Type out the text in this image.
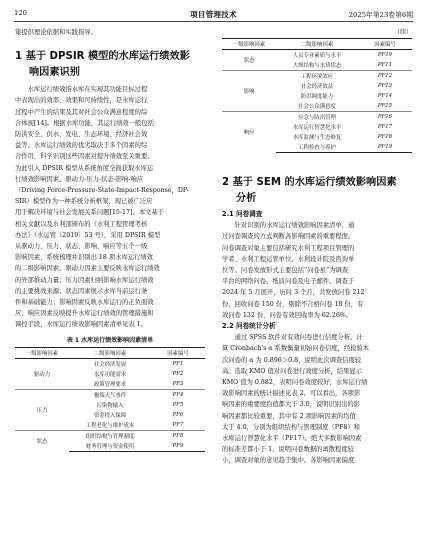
120	项目管理技术	2025年第23卷第6期

策提供理论依据和实践指导。

1 基于 DPSIR 模型的水库运行绩效影

响因素识别

水库运行绩效指水库在实现其功能目标过程

中表现出的效率、效果和可持续性，是水库运行

过程中产生的结果及其对社会公众满意程度的综

合体现[14]。根据水库功能，其运行绩效一般包括

防洪安全、供水、发电、生态环境、经济社会效

益等。水库运行绩效的优劣取决于多个因素的综

合作用，科学识别这些因素对提升绩效至关重要。

为此引入 DPSIR 模型从系统角度全面获取水库运

行绩效影响因素。驱动力-压力-状态-影响-响应

（Driving Force-Pressure-State-Impact-Response，DP-

SIR）模型作为一种系统分析框架，现已被广泛应

用于解决环境与社会发展关系问题[15-17]。本文基于

相关文献以及水利部颁布的《水利工程管理考核

办法》（水运管〔2019〕53 号），采用 DPSIR 模型

从驱动力、压力、状态、影响、响应等五个一级

影响因素，系统梳理并识别出 18 项水库运行绩效

的二级影响因素。驱动力因素主要反映水库运行绩效

的外部推动力量；压力因素归纳影响水库运行绩效

的主要挑战来源；状态因素展示水库当前运行条

件和基础能力；影响因素反映水库运行的正负面效

应；响应因素反映提升水库运行绩效的管理措施和

调控手段，水库运行绩效影响因素清单见表 1。

表 1 水库运行绩效影响因素清单
一级影响因素	二级影响因素	因素编号
驱动力	社会经济发展	PF1
	水库功能需求	PF2
	政策管理要求	PF3
压力	极端天气事件	PF4
	污染物输入	PF5
	资金投入保障	PF6
	工程老化与维护成本	PF7
状态	组织结构与管理制度	PF8
	财务管理与资金使用	PF9
（续）
一级影响因素	二级影响因素	因素编号
状态	人员专业素质与水平	PF10
	大坝结构与水质状态	PF11
影响	工程环境效应	PF12
	社会经济效益	PF13
	防洪调度能力	PF14
	社会公众满意度	PF15
响应	应急与防汛管理	PF16
	水库运行智慧化水平	PF17
	水库监测与生态修复	PF18
	工程检查与养护	PF19

2 基于 SEM 的水库运行绩效影响因素

分析

2.1 问卷调查

针对识别的水库运行绩效影响因素清单，通

过问卷调查的方式判断各影响因素的重要程度。

问卷调查对象主要包括研究水利工程项目管理的

学者、水利工程运管单位、水利设计院及咨询单

位等。问卷发放形式主要包括“问卷星”为调查

平台的网络问卷、纸质问卷及电子邮件。调查于

2024 年 5 月展开，历时 3 个月，共发放问卷 212

份，回收问卷 150 份，剔除不合格问卷 18 份，有

效问卷 132 份，问卷有效回收率为 62.26%。

2.2 问卷统计分析

通过 SPSS 软件对有效问卷进行信度分析，计

算 Cronbach's α 系数衡量初始问卷信度，经检验本

次问卷的 α 为 0.896＞0.8，说明此次调查信度较

高。选取 KMO 值对问卷进行效度分析，结果显示

KMO 值为 0.882，表明问卷效度较好，水库运行绩

效影响因素的统计描述见表 2。可以看出，各项影

响因素的重要度均值都大于 3.0，说明识别出的影

响因素都比较重要，其中有 2 项影响因素的均值

大于 4.0，分别为组织结构与管理制度（PF8）和

水库运行智慧化水平（PF17）。绝大多数影响因素

的标准差都小于 1，说明问卷数据的离散程度较

小，调查对象的意见趋于集中。各影响因素偏度
